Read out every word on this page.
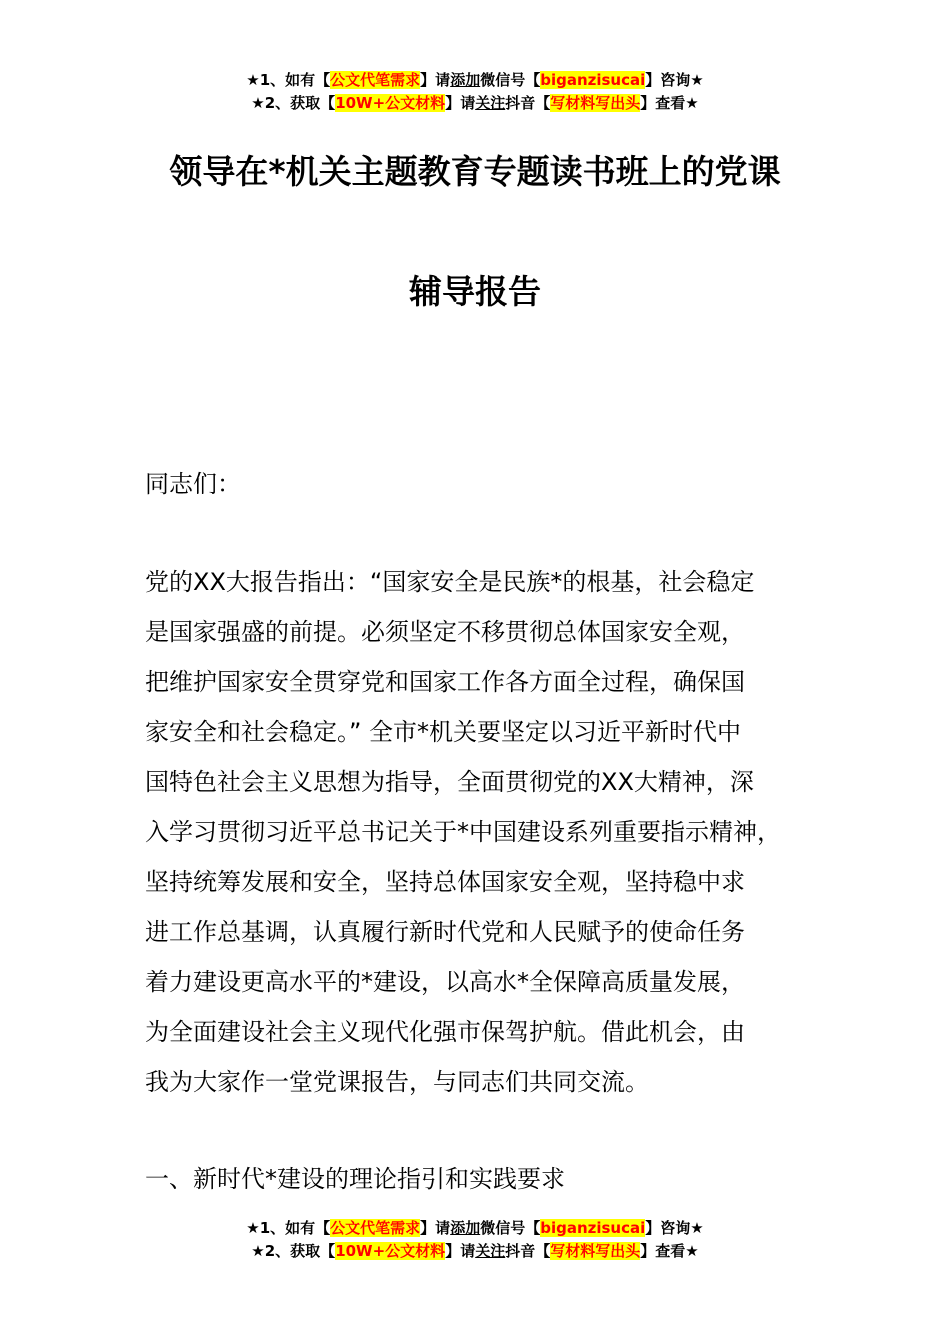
★1、如有【公文代笔需求】请添加微信号【biganzisucai】咨询★
★2、获取【10W+公文材料】请关注抖音【写材料写出头】查看★
领导在*机关主题教育专题读书班上的党课
辅导报告
同志们：
党的XX大报告指出：“国家安全是民族*的根基，社会稳定
是国家强盛的前提。必须坚定不移贯彻总体国家安全观，
把维护国家安全贯穿党和国家工作各方面全过程，确保国
家安全和社会稳定。” 全市*机关要坚定以习近平新时代中
国特色社会主义思想为指导，全面贯彻党的XX大精神，深
入学习贯彻习近平总书记关于*中国建设系列重要指示精神，
坚持统筹发展和安全，坚持总体国家安全观，坚持稳中求
进工作总基调，认真履行新时代党和人民赋予的使命任务
着力建设更高水平的*建设，以高水*全保障高质量发展，
为全面建设社会主义现代化强市保驾护航。借此机会，由
我为大家作一堂党课报告，与同志们共同交流。
一、新时代*建设的理论指引和实践要求
★1、如有【公文代笔需求】请添加微信号【biganzisucai】咨询★
★2、获取【10W+公文材料】请关注抖音【写材料写出头】查看★
